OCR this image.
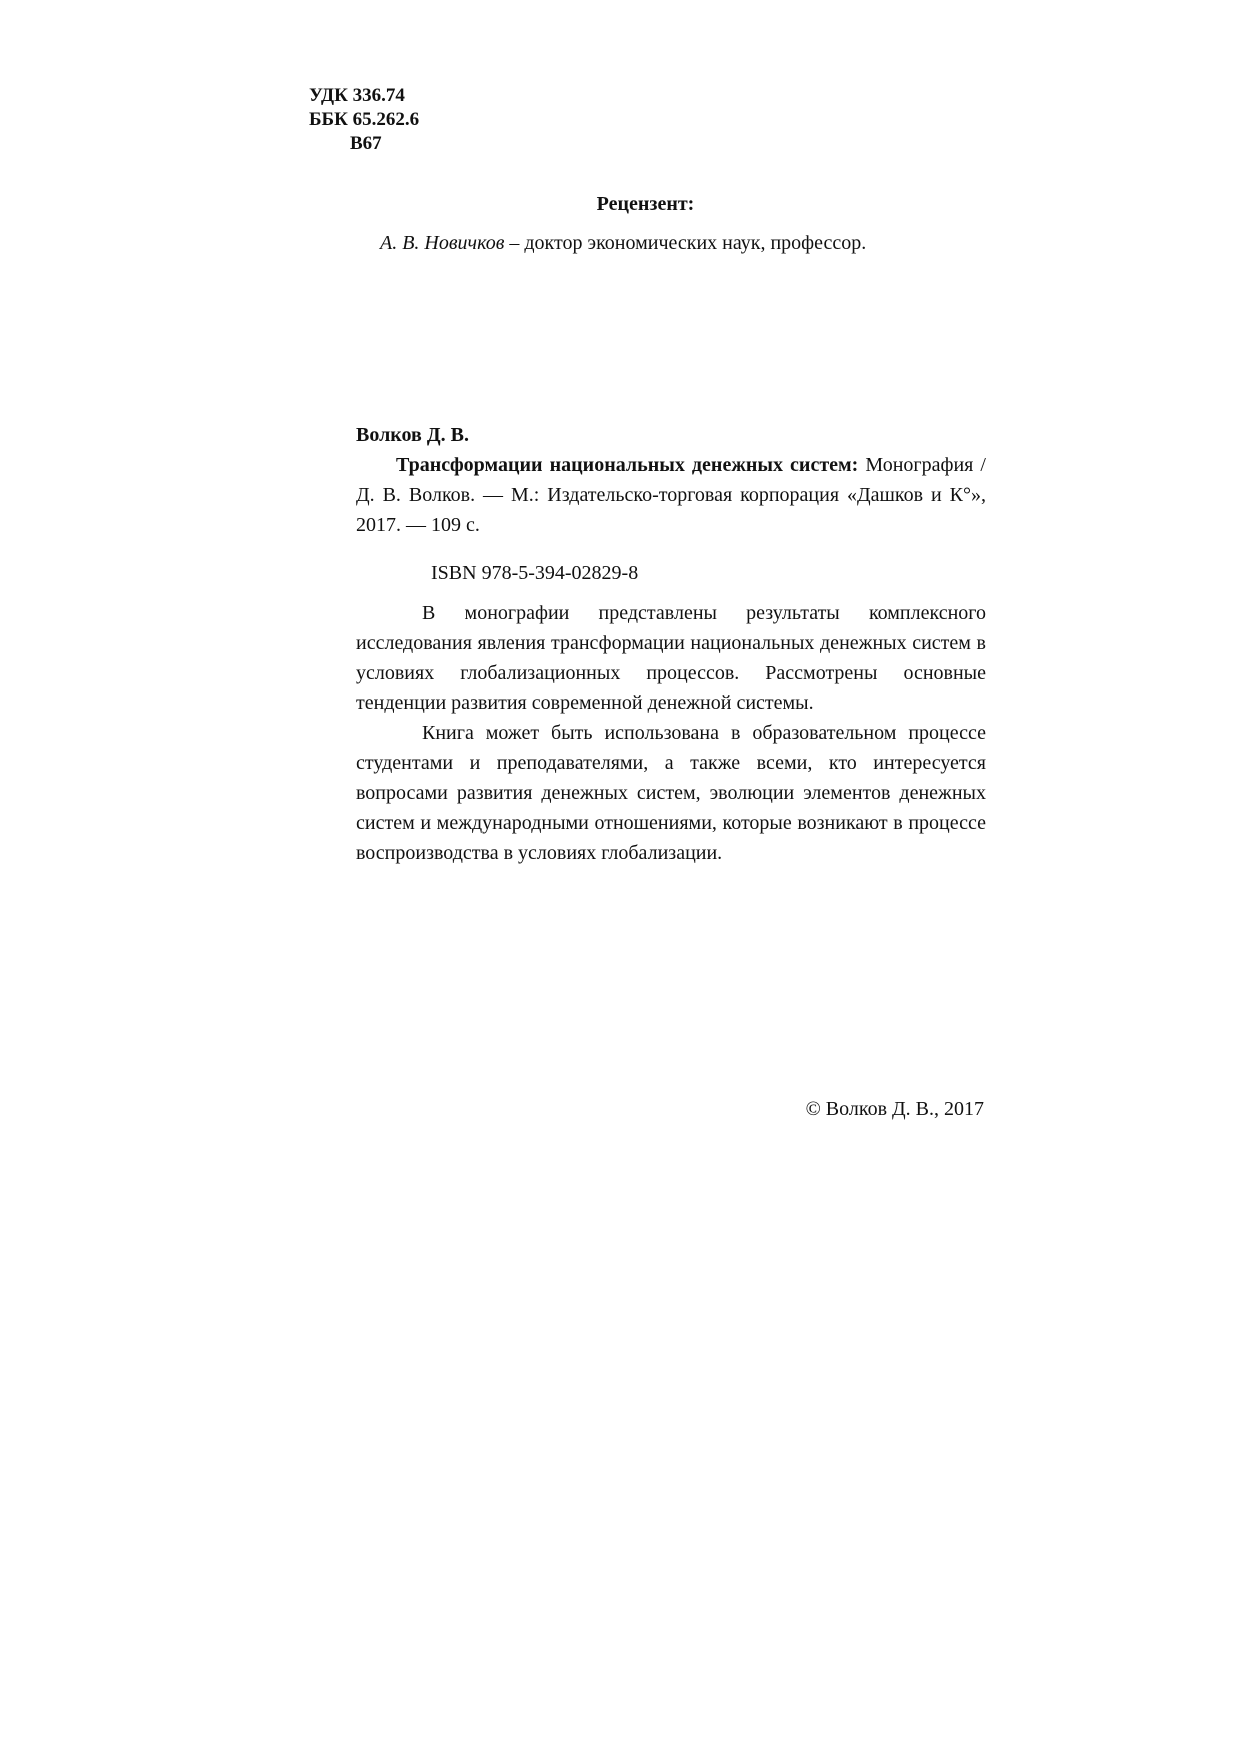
УДК 336.74
ББК 65.262.6
В67
Рецензент:
А. В. Новичков – доктор экономических наук, профессор.
Волков Д. В.
Трансформации национальных денежных систем: Монография / Д. В. Волков. — М.: Издательско-торговая корпорация «Дашков и К°», 2017. — 109 с.
ISBN 978-5-394-02829-8

В монографии представлены результаты комплексного исследования явления трансформации национальных денежных систем в условиях глобализационных процессов. Рассмотрены основные тенденции развития современной денежной системы.

Книга может быть использована в образовательном процессе студентами и преподавателями, а также всеми, кто интересуется вопросами развития денежных систем, эволюции элементов денежных систем и международными отношениями, которые возникают в процессе воспроизводства в условиях глобализации.

© Волков Д. В., 2017
